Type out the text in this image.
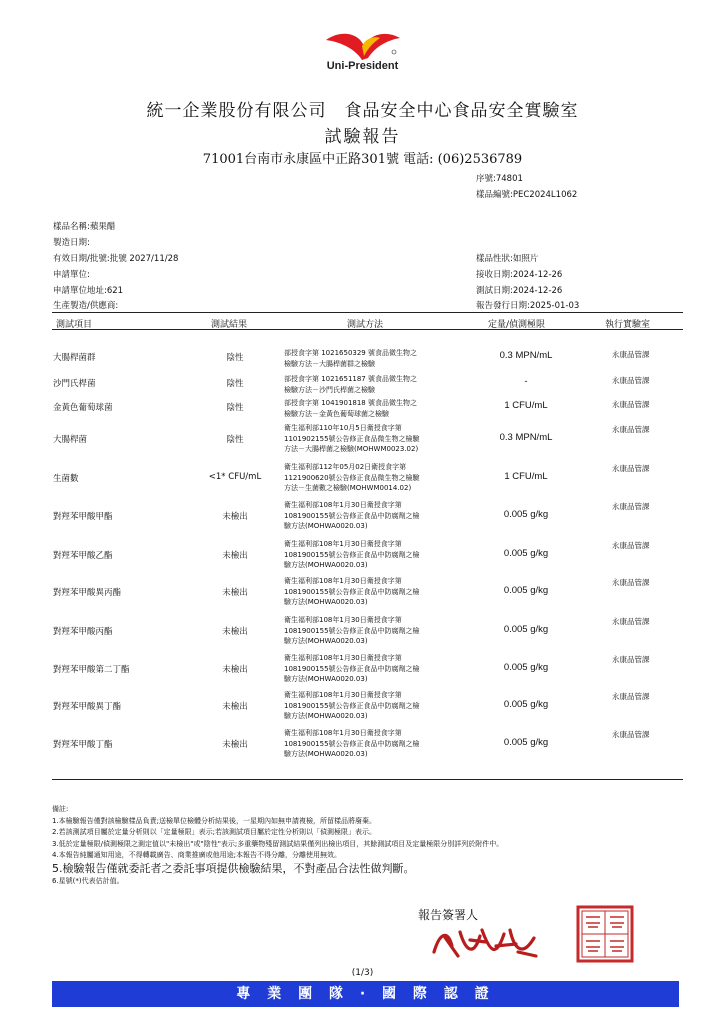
Uni-President
統一企業股份有限公司　食品安全中心食品安全實驗室
試驗報告
71001台南市永康區中正路301號 電話: (06)2536789
序號:74801
樣品編號:PEC2024L1062
樣品名稱:蘋果醋
製造日期:
有效日期/批號:批號 2027/11/28
申請單位:
申請單位地址:621
生產製造/供應商:
樣品性狀:如照片
接收日期:2024-12-26
測試日期:2024-12-26
報告發行日期:2025-01-03
測試項目	測試結果	測試方法	定量/偵測極限	執行實驗室
大腸桿菌群	陰性	部授食字第 1021650329 號食品微生物之
檢驗方法－大腸桿菌群之檢驗
0.3 MPN/mL	永康品管課
沙門氏桿菌	陰性	部授食字第 1021651187 號食品微生物之
檢驗方法－沙門氏桿菌之檢驗
-	永康品管課
金黃色葡萄球菌	陰性	部授食字第 1041901818 號食品微生物之
檢驗方法－金黃色葡萄球菌之檢驗
1 CFU/mL	永康品管課
大腸桿菌	陰性
衛生福利部110年10月5日衛授食字第
1101902155號公告修正食品微生物之檢驗
方法－大腸桿菌之檢驗(MOHWM0023.02)
0.3 MPN/mL
永康品管課
生菌數	<1* CFU/mL
衛生福利部112年05月02日衛授食字第
1121900620號公告修正食品微生物之檢驗
方法－生菌數之檢驗(MOHWM0014.02)
1 CFU/mL
永康品管課
對羥苯甲酸甲酯	未檢出
衛生福利部108年1月30日衛授食字第
1081900155號公告修正食品中防腐劑之檢
驗方法(MOHWA0020.03)
0.005 g/kg
永康品管課
對羥苯甲酸乙酯	未檢出
衛生福利部108年1月30日衛授食字第
1081900155號公告修正食品中防腐劑之檢
驗方法(MOHWA0020.03)
0.005 g/kg
永康品管課
對羥苯甲酸異丙酯	未檢出
衛生福利部108年1月30日衛授食字第
1081900155號公告修正食品中防腐劑之檢
驗方法(MOHWA0020.03)
0.005 g/kg
永康品管課
對羥苯甲酸丙酯	未檢出
衛生福利部108年1月30日衛授食字第
1081900155號公告修正食品中防腐劑之檢
驗方法(MOHWA0020.03)
0.005 g/kg
永康品管課
對羥苯甲酸第二丁酯	未檢出
衛生福利部108年1月30日衛授食字第
1081900155號公告修正食品中防腐劑之檢
驗方法(MOHWA0020.03)
0.005 g/kg
永康品管課
對羥苯甲酸異丁酯	未檢出
衛生福利部108年1月30日衛授食字第
1081900155號公告修正食品中防腐劑之檢
驗方法(MOHWA0020.03)
0.005 g/kg
永康品管課
對羥苯甲酸丁酯	未檢出
衛生福利部108年1月30日衛授食字第
1081900155號公告修正食品中防腐劑之檢
驗方法(MOHWA0020.03)
0.005 g/kg
永康品管課
備註:
1.本檢驗報告僅對該檢驗樣品負責;送檢單位檢體分析結果後，一星期內如無申請複檢，所留樣品將廢棄。
2.若該測試項目屬於定量分析則以「定量極限」表示;若該測試項目屬於定性分析則以「偵測極限」表示。
3.低於定量極限/偵測極限之測定值以"未檢出"或"陰性"表示;多重藥物殘留測試結果僅列出檢出項目，其餘測試項目及定量極限分別詳列於附件中。
4.本報告純屬通知用途，不得轉載廣告、商業推廣或他用途;本報告不得分離，分離使用無效。
5.檢驗報告僅就委託者之委託事項提供檢驗結果，不對產品合法性做判斷。
6.星號(*)代表估計值。
報告簽署人
(1/3)
專 業 團 隊 · 國 際 認 證
